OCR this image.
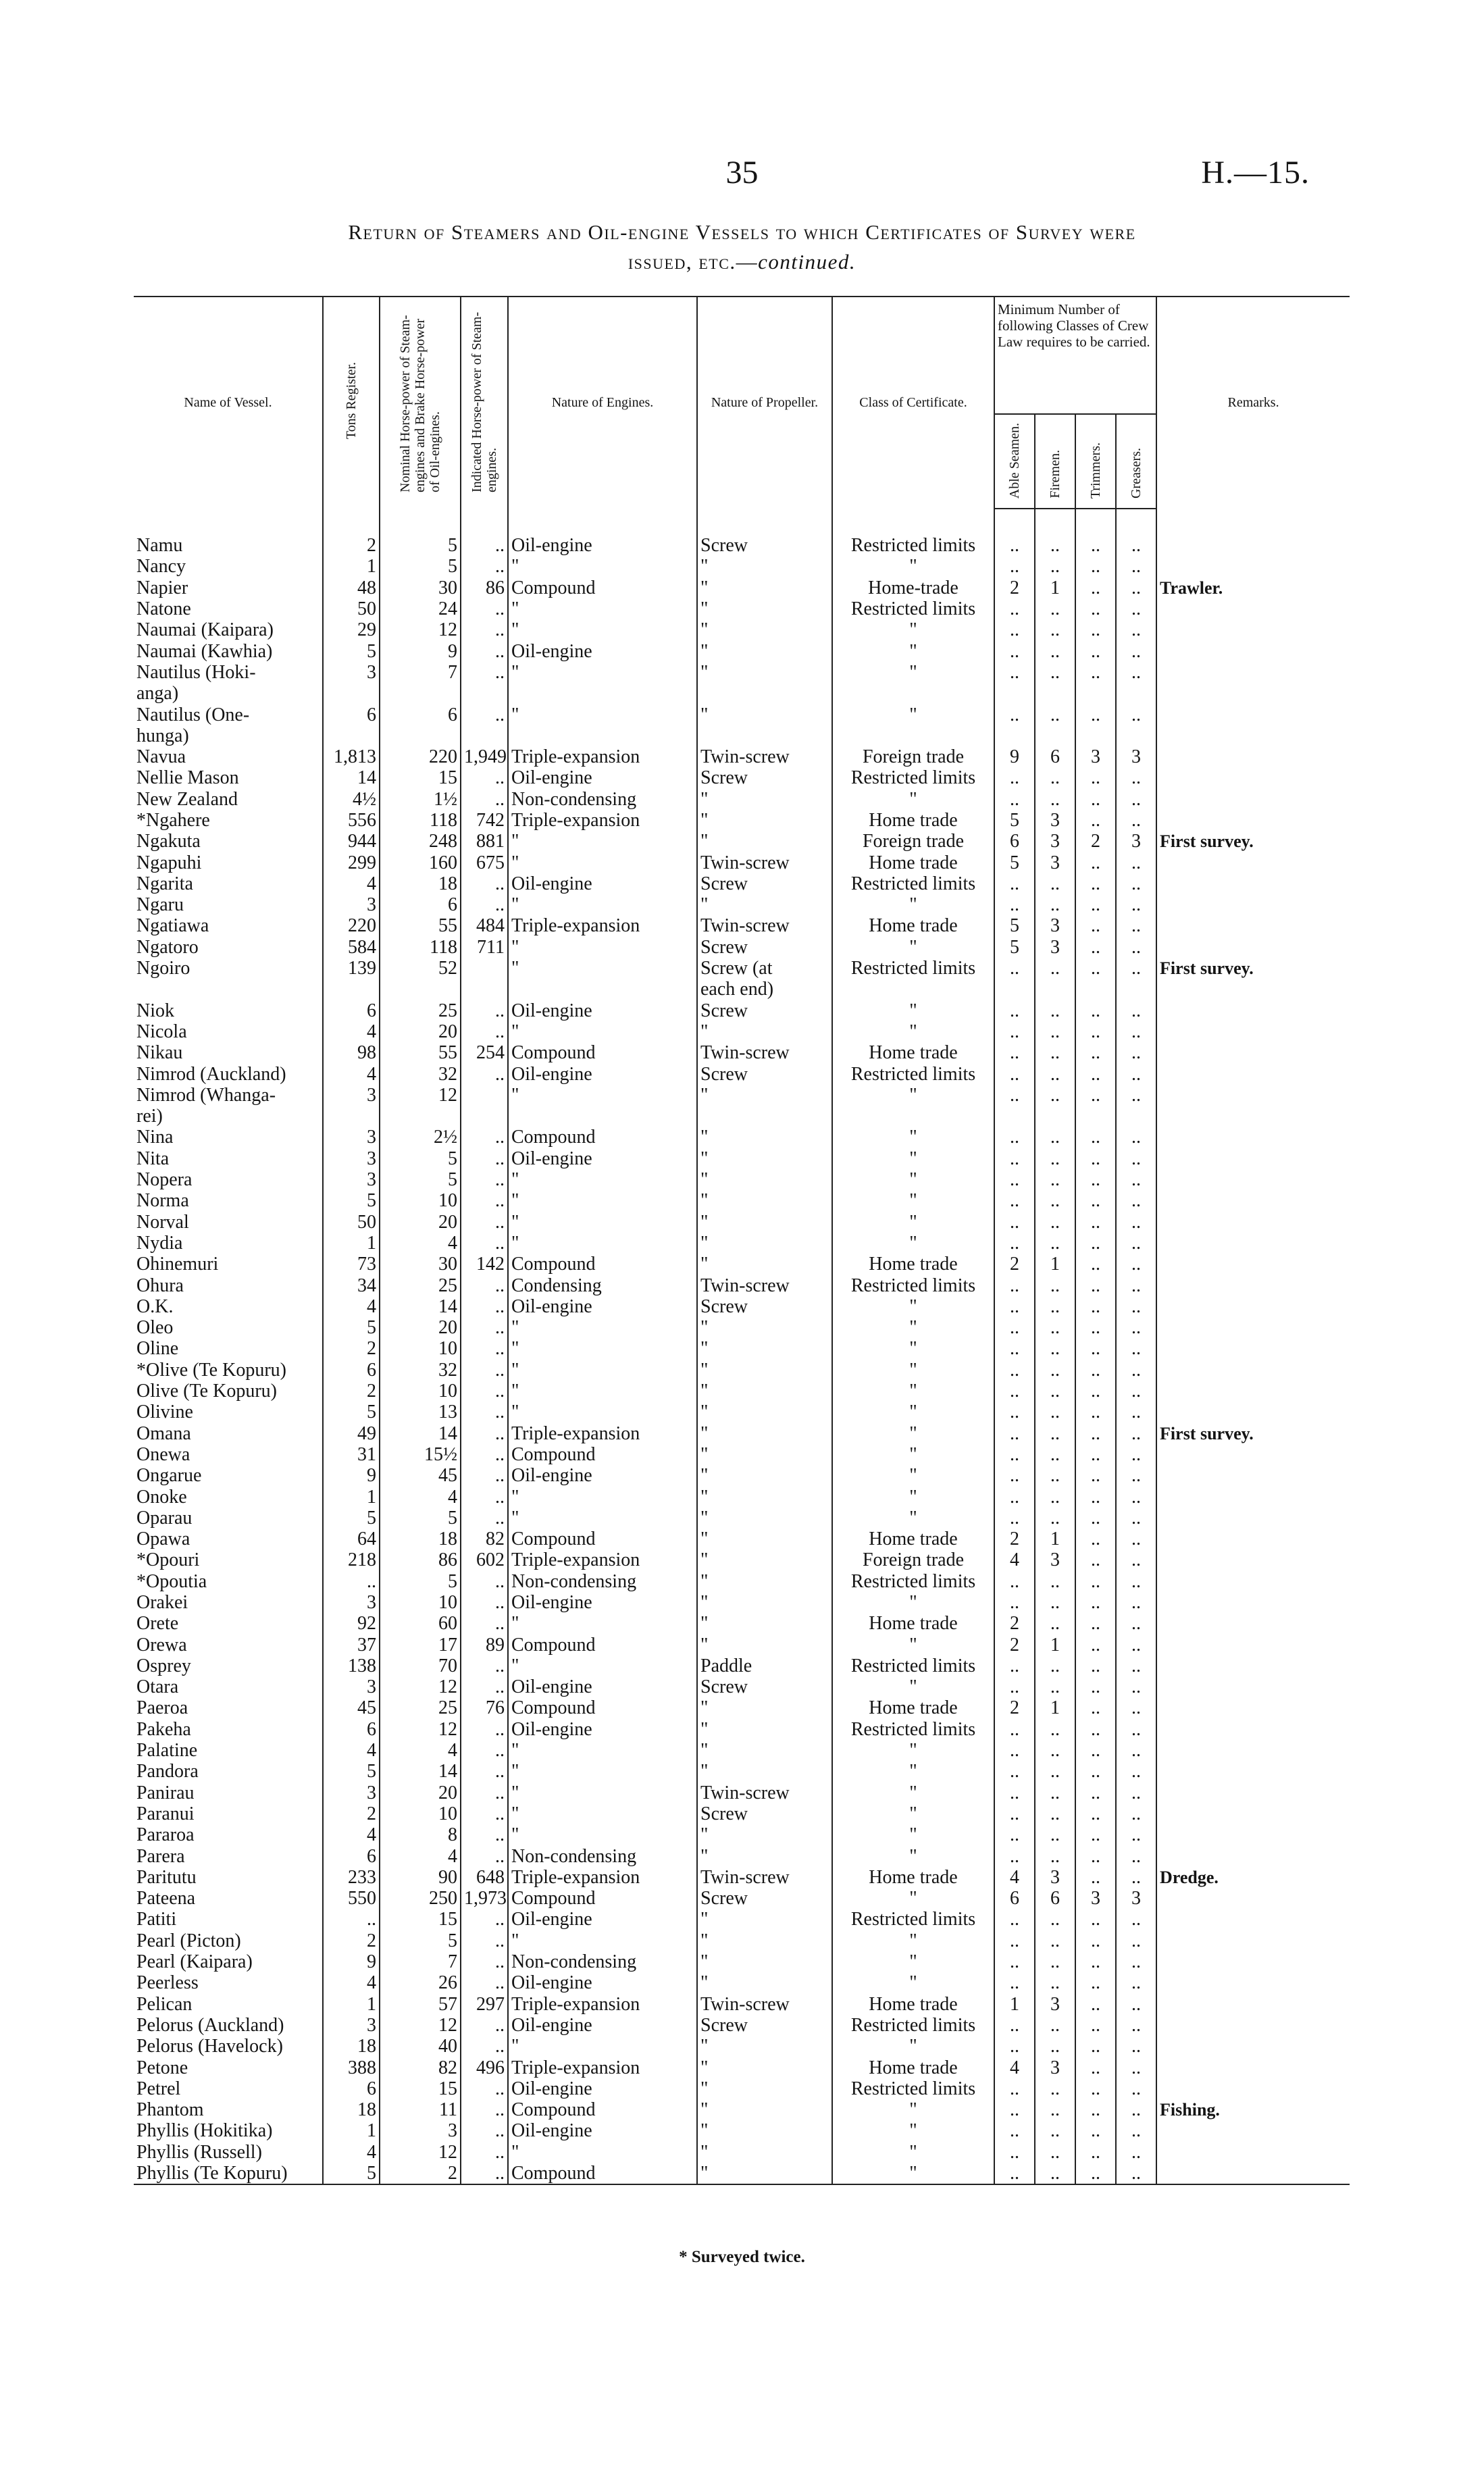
35	H.—15.
Return of Steamers and Oil-engine Vessels to which Certificates of Survey were
issued, etc.—continued.
Name of Vessel.	Tons Register.	Nominal Horse-power of Steam-engines and Brake Horse-power of Oil-engines.	Indicated Horse-power of Steam-engines.	Nature of Engines.	Nature of Propeller.	Class of Certificate.	Minimum Number of following Classes of Crew Law requires to be carried.				Remarks.
							Able Seamen.	Firemen.	Trimmers.	Greasers.	
Namu	2	5	..	Oil-engine	Screw	Restricted limits	..	..	..	..	
Nancy	1	5	..	"	"	"	..	..	..	..	
Napier	48	30	86	Compound	"	Home-trade	2	1	..	..	Trawler.
Natone	50	24	..	"	"	Restricted limits	..	..	..	..	
Naumai (Kaipara)	29	12	..	"	"	"	..	..	..	..	
Naumai (Kawhia)	5	9	..	Oil-engine	"	"	..	..	..	..	
Nautilus (Hoki-	3	7	..	"	"	"	..	..	..	..	
anga)											
Nautilus (One-	6	6	..	"	"	"	..	..	..	..	
hunga)											
Navua	1,813	220	1,949	Triple-expansion	Twin-screw	Foreign trade	9	6	3	3	
Nellie Mason	14	15	..	Oil-engine	Screw	Restricted limits	..	..	..	..	
New Zealand	4½	1½	..	Non-condensing	"	"	..	..	..	..	
*Ngahere	556	118	742	Triple-expansion	"	Home trade	5	3	..	..	
Ngakuta	944	248	881	"	"	Foreign trade	6	3	2	3	First survey.
Ngapuhi	299	160	675	"	Twin-screw	Home trade	5	3	..	..	
Ngarita	4	18	..	Oil-engine	Screw	Restricted limits	..	..	..	..	
Ngaru	3	6	..	"	"	"	..	..	..	..	
Ngatiawa	220	55	484	Triple-expansion	Twin-screw	Home trade	5	3	..	..	
Ngatoro	584	118	711	"	Screw	"	5	3	..	..	
Ngoiro	139	52		"	Screw (at	Restricted limits	..	..	..	..	First survey.
					each end)						
Niok	6	25	..	Oil-engine	Screw	"	..	..	..	..	
Nicola	4	20	..	"	"	"	..	..	..	..	
Nikau	98	55	254	Compound	Twin-screw	Home trade	..	..	..	..	
Nimrod (Auckland)	4	32	..	Oil-engine	Screw	Restricted limits	..	..	..	..	
Nimrod (Whanga-	3	12		"	"	"	..	..	..	..	
rei)											
Nina	3	2½	..	Compound	"	"	..	..	..	..	
Nita	3	5	..	Oil-engine	"	"	..	..	..	..	
Nopera	3	5	..	"	"	"	..	..	..	..	
Norma	5	10	..	"	"	"	..	..	..	..	
Norval	50	20	..	"	"	"	..	..	..	..	
Nydia	1	4	..	"	"	"	..	..	..	..	
Ohinemuri	73	30	142	Compound	"	Home trade	2	1	..	..	
Ohura	34	25	..	Condensing	Twin-screw	Restricted limits	..	..	..	..	
O.K.	4	14	..	Oil-engine	Screw	"	..	..	..	..	
Oleo	5	20	..	"	"	"	..	..	..	..	
Oline	2	10	..	"	"	"	..	..	..	..	
*Olive (Te Kopuru)	6	32	..	"	"	"	..	..	..	..	
Olive (Te Kopuru)	2	10	..	"	"	"	..	..	..	..	
Olivine	5	13	..	"	"	"	..	..	..	..	
Omana	49	14	..	Triple-expansion	"	"	..	..	..	..	First survey.
Onewa	31	15½	..	Compound	"	"	..	..	..	..	
Ongarue	9	45	..	Oil-engine	"	"	..	..	..	..	
Onoke	1	4	..	"	"	"	..	..	..	..	
Oparau	5	5	..	"	"	"	..	..	..	..	
Opawa	64	18	82	Compound	"	Home trade	2	1	..	..	
*Opouri	218	86	602	Triple-expansion	"	Foreign trade	4	3	..	..	
*Opoutia	..	5	..	Non-condensing	"	Restricted limits	..	..	..	..	
Orakei	3	10	..	Oil-engine	"	"	..	..	..	..	
Orete	92	60	..	"	"	Home trade	2	..	..	..	
Orewa	37	17	89	Compound	"	"	2	1	..	..	
Osprey	138	70	..	"	Paddle	Restricted limits	..	..	..	..	
Otara	3	12	..	Oil-engine	Screw	"	..	..	..	..	
Paeroa	45	25	76	Compound	"	Home trade	2	1	..	..	
Pakeha	6	12	..	Oil-engine	"	Restricted limits	..	..	..	..	
Palatine	4	4	..	"	"	"	..	..	..	..	
Pandora	5	14	..	"	"	"	..	..	..	..	
Panirau	3	20	..	"	Twin-screw	"	..	..	..	..	
Paranui	2	10	..	"	Screw	"	..	..	..	..	
Pararoa	4	8	..	"	"	"	..	..	..	..	
Parera	6	4	..	Non-condensing	"	"	..	..	..	..	
Paritutu	233	90	648	Triple-expansion	Twin-screw	Home trade	4	3	..	..	Dredge.
Pateena	550	250	1,973	Compound	Screw	"	6	6	3	3	
Patiti	..	15	..	Oil-engine	"	Restricted limits	..	..	..	..	
Pearl (Picton)	2	5	..	"	"	"	..	..	..	..	
Pearl (Kaipara)	9	7	..	Non-condensing	"	"	..	..	..	..	
Peerless	4	26	..	Oil-engine	"	"	..	..	..	..	
Pelican	1	57	297	Triple-expansion	Twin-screw	Home trade	1	3	..	..	
Pelorus (Auckland)	3	12	..	Oil-engine	Screw	Restricted limits	..	..	..	..	
Pelorus (Havelock)	18	40	..	"	"	"	..	..	..	..	
Petone	388	82	496	Triple-expansion	"	Home trade	4	3	..	..	
Petrel	6	15	..	Oil-engine	"	Restricted limits	..	..	..	..	
Phantom	18	11	..	Compound	"	"	..	..	..	..	Fishing.
Phyllis (Hokitika)	1	3	..	Oil-engine	"	"	..	..	..	..	
Phyllis (Russell)	4	12	..	"	"	"	..	..	..	..	
Phyllis (Te Kopuru)	5	2	..	Compound	"	"	..	..	..	..	
* Surveyed twice.
